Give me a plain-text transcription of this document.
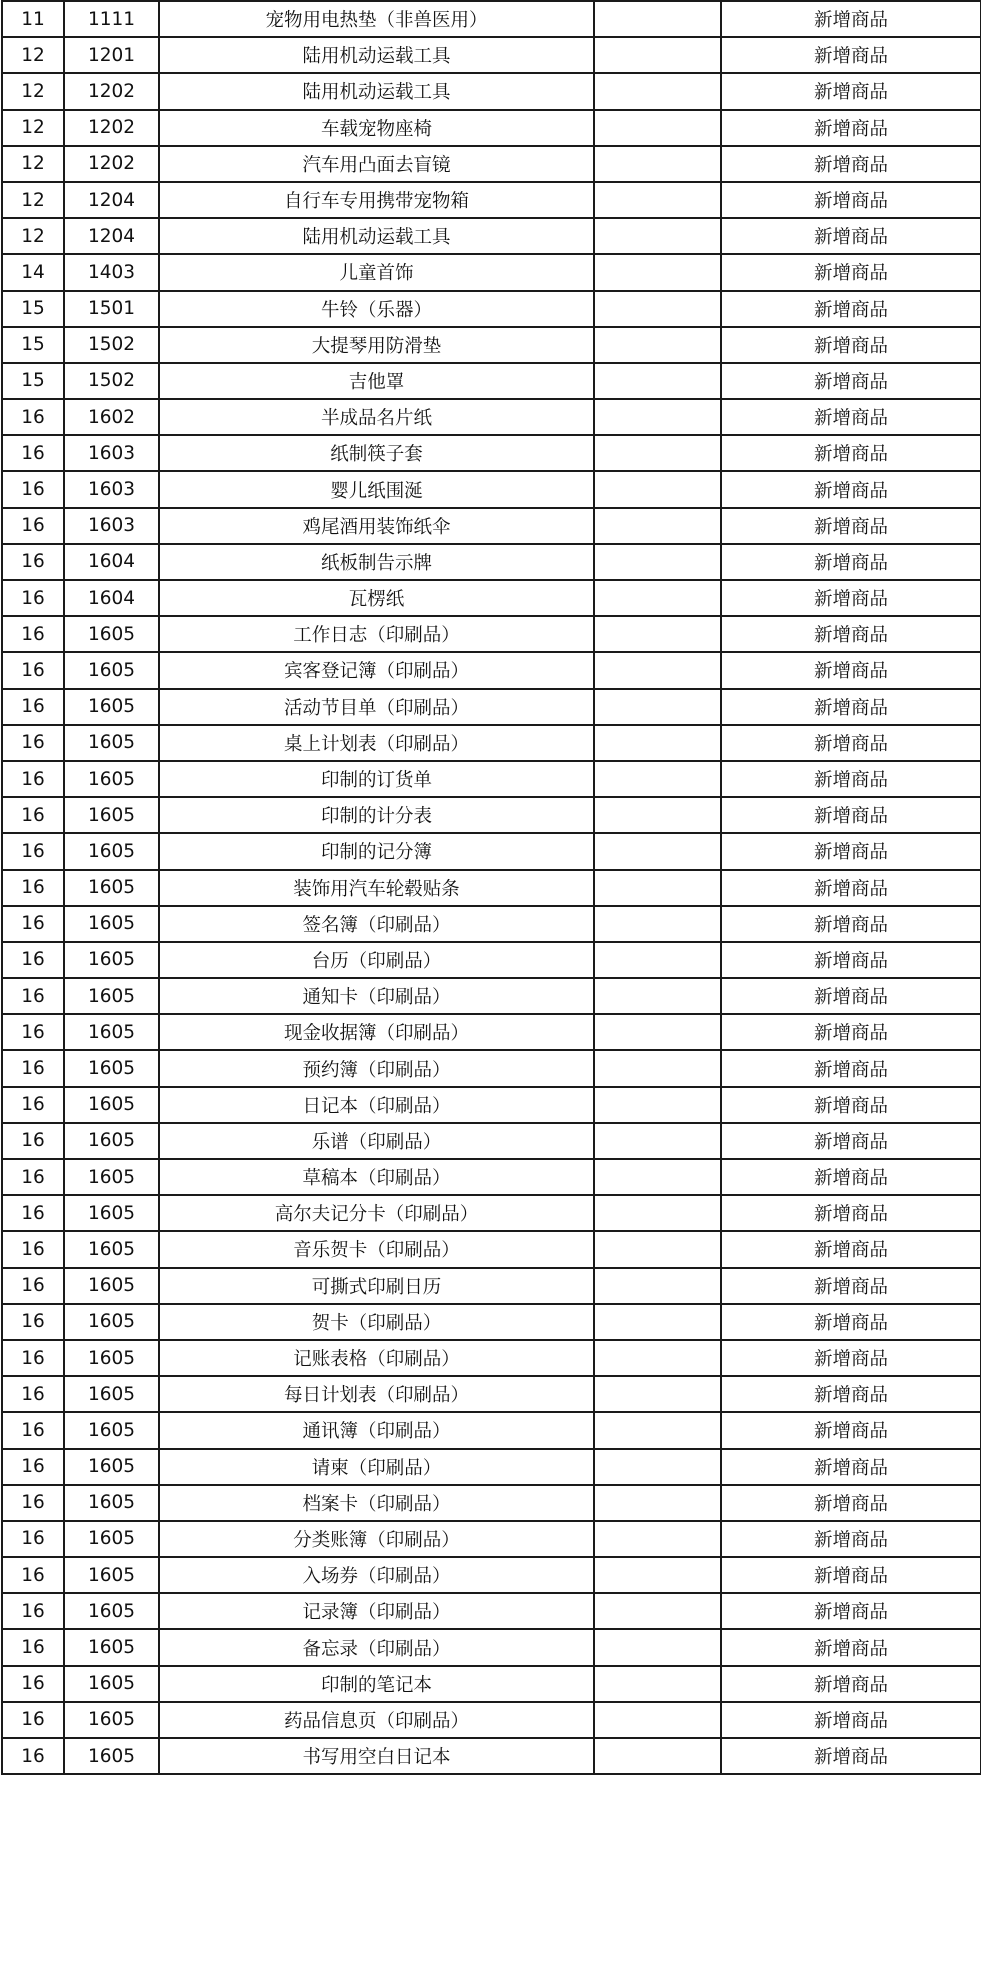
11	1111	宠物用电热垫（非兽医用）		新增商品
12	1201	陆用机动运载工具		新增商品
12	1202	陆用机动运载工具		新增商品
12	1202	车载宠物座椅		新增商品
12	1202	汽车用凸面去盲镜		新增商品
12	1204	自行车专用携带宠物箱		新增商品
12	1204	陆用机动运载工具		新增商品
14	1403	儿童首饰		新增商品
15	1501	牛铃（乐器）		新增商品
15	1502	大提琴用防滑垫		新增商品
15	1502	吉他罩		新增商品
16	1602	半成品名片纸		新增商品
16	1603	纸制筷子套		新增商品
16	1603	婴儿纸围涎		新增商品
16	1603	鸡尾酒用装饰纸伞		新增商品
16	1604	纸板制告示牌		新增商品
16	1604	瓦楞纸		新增商品
16	1605	工作日志（印刷品）		新增商品
16	1605	宾客登记簿（印刷品）		新增商品
16	1605	活动节目单（印刷品）		新增商品
16	1605	桌上计划表（印刷品）		新增商品
16	1605	印制的订货单		新增商品
16	1605	印制的计分表		新增商品
16	1605	印制的记分簿		新增商品
16	1605	装饰用汽车轮毂贴条		新增商品
16	1605	签名簿（印刷品）		新增商品
16	1605	台历（印刷品）		新增商品
16	1605	通知卡（印刷品）		新增商品
16	1605	现金收据簿（印刷品）		新增商品
16	1605	预约簿（印刷品）		新增商品
16	1605	日记本（印刷品）		新增商品
16	1605	乐谱（印刷品）		新增商品
16	1605	草稿本（印刷品）		新增商品
16	1605	高尔夫记分卡（印刷品）		新增商品
16	1605	音乐贺卡（印刷品）		新增商品
16	1605	可撕式印刷日历		新增商品
16	1605	贺卡（印刷品）		新增商品
16	1605	记账表格（印刷品）		新增商品
16	1605	每日计划表（印刷品）		新增商品
16	1605	通讯簿（印刷品）		新增商品
16	1605	请柬（印刷品）		新增商品
16	1605	档案卡（印刷品）		新增商品
16	1605	分类账簿（印刷品）		新增商品
16	1605	入场券（印刷品）		新增商品
16	1605	记录簿（印刷品）		新增商品
16	1605	备忘录（印刷品）		新增商品
16	1605	印制的笔记本		新增商品
16	1605	药品信息页（印刷品）		新增商品
16	1605	书写用空白日记本		新增商品
